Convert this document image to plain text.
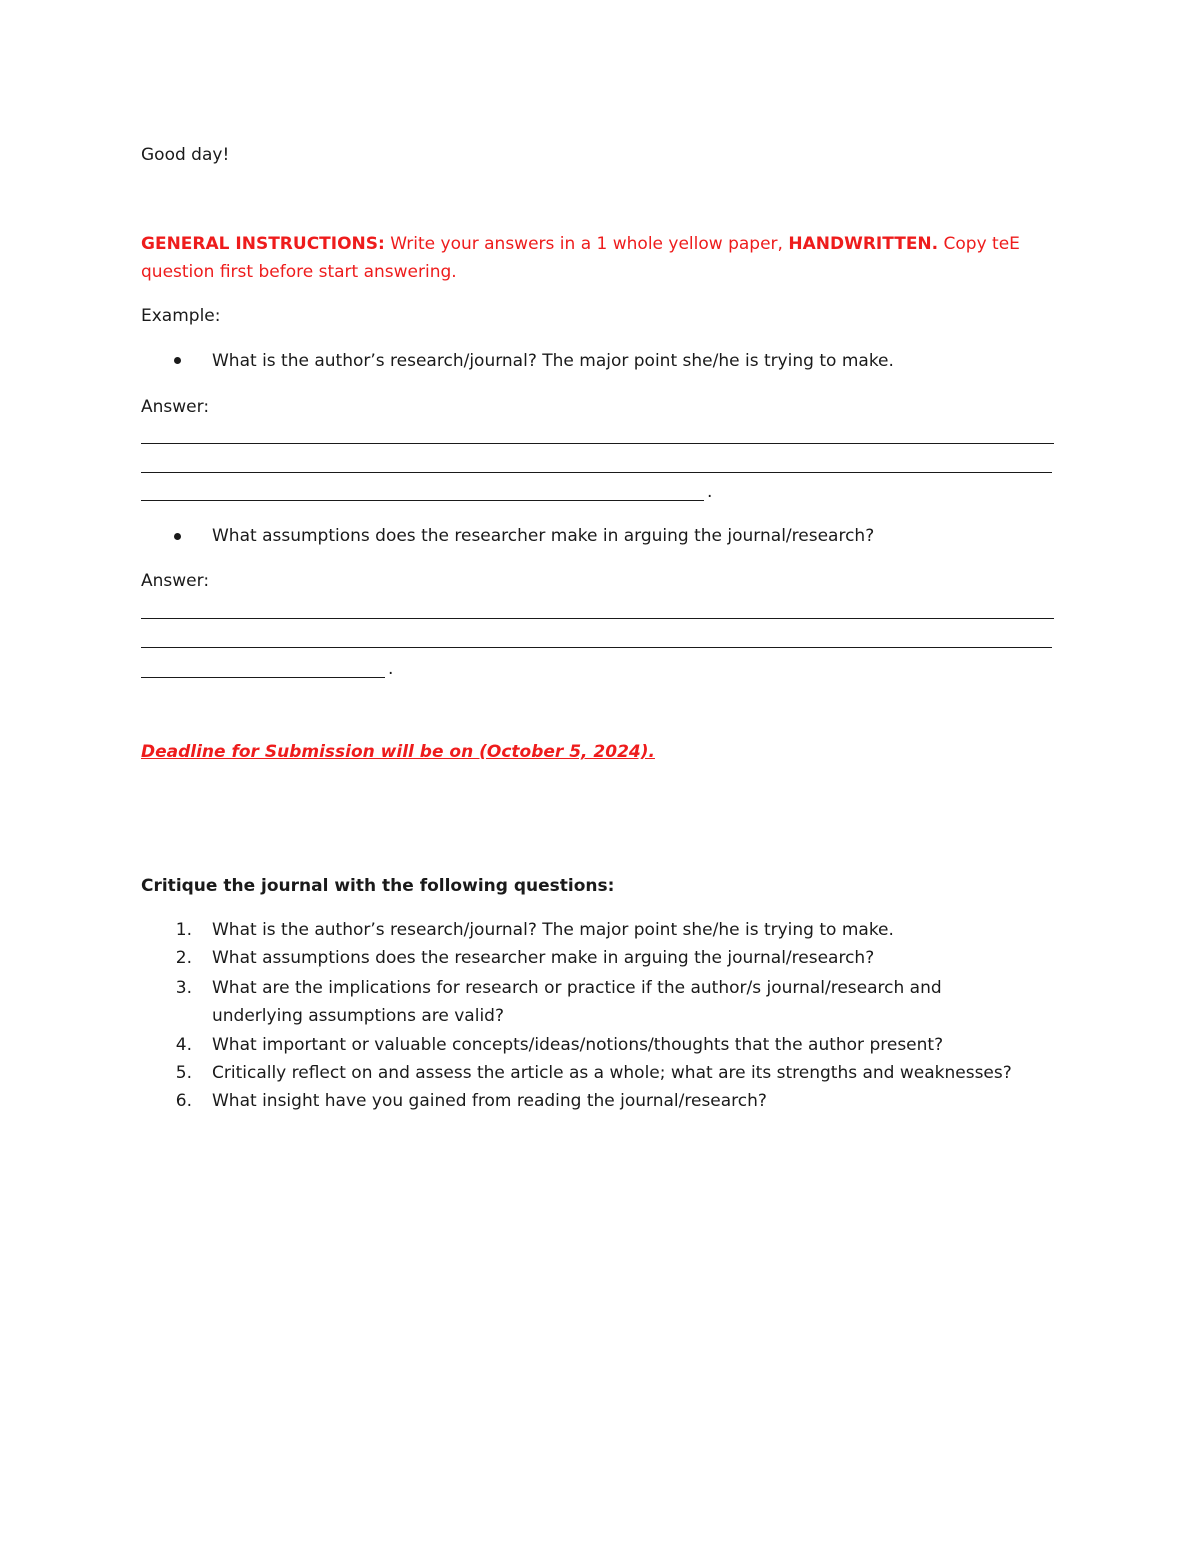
Good day!
GENERAL INSTRUCTIONS: Write your answers in a 1 whole yellow paper, HANDWRITTEN. Copy teE
question first before start answering.
Example:
What is the author’s research/journal? The major point she/he is trying to make.
Answer:
.
What assumptions does the researcher make in arguing the journal/research?
Answer:
.
Deadline for Submission will be on (October 5, 2024).
Critique the journal with the following questions:
1. What is the author’s research/journal? The major point she/he is trying to make.
2. What assumptions does the researcher make in arguing the journal/research?
3. What are the implications for research or practice if the author/s journal/research and
underlying assumptions are valid?
4. What important or valuable concepts/ideas/notions/thoughts that the author present?
5. Critically reflect on and assess the article as a whole; what are its strengths and weaknesses?
6. What insight have you gained from reading the journal/research?
